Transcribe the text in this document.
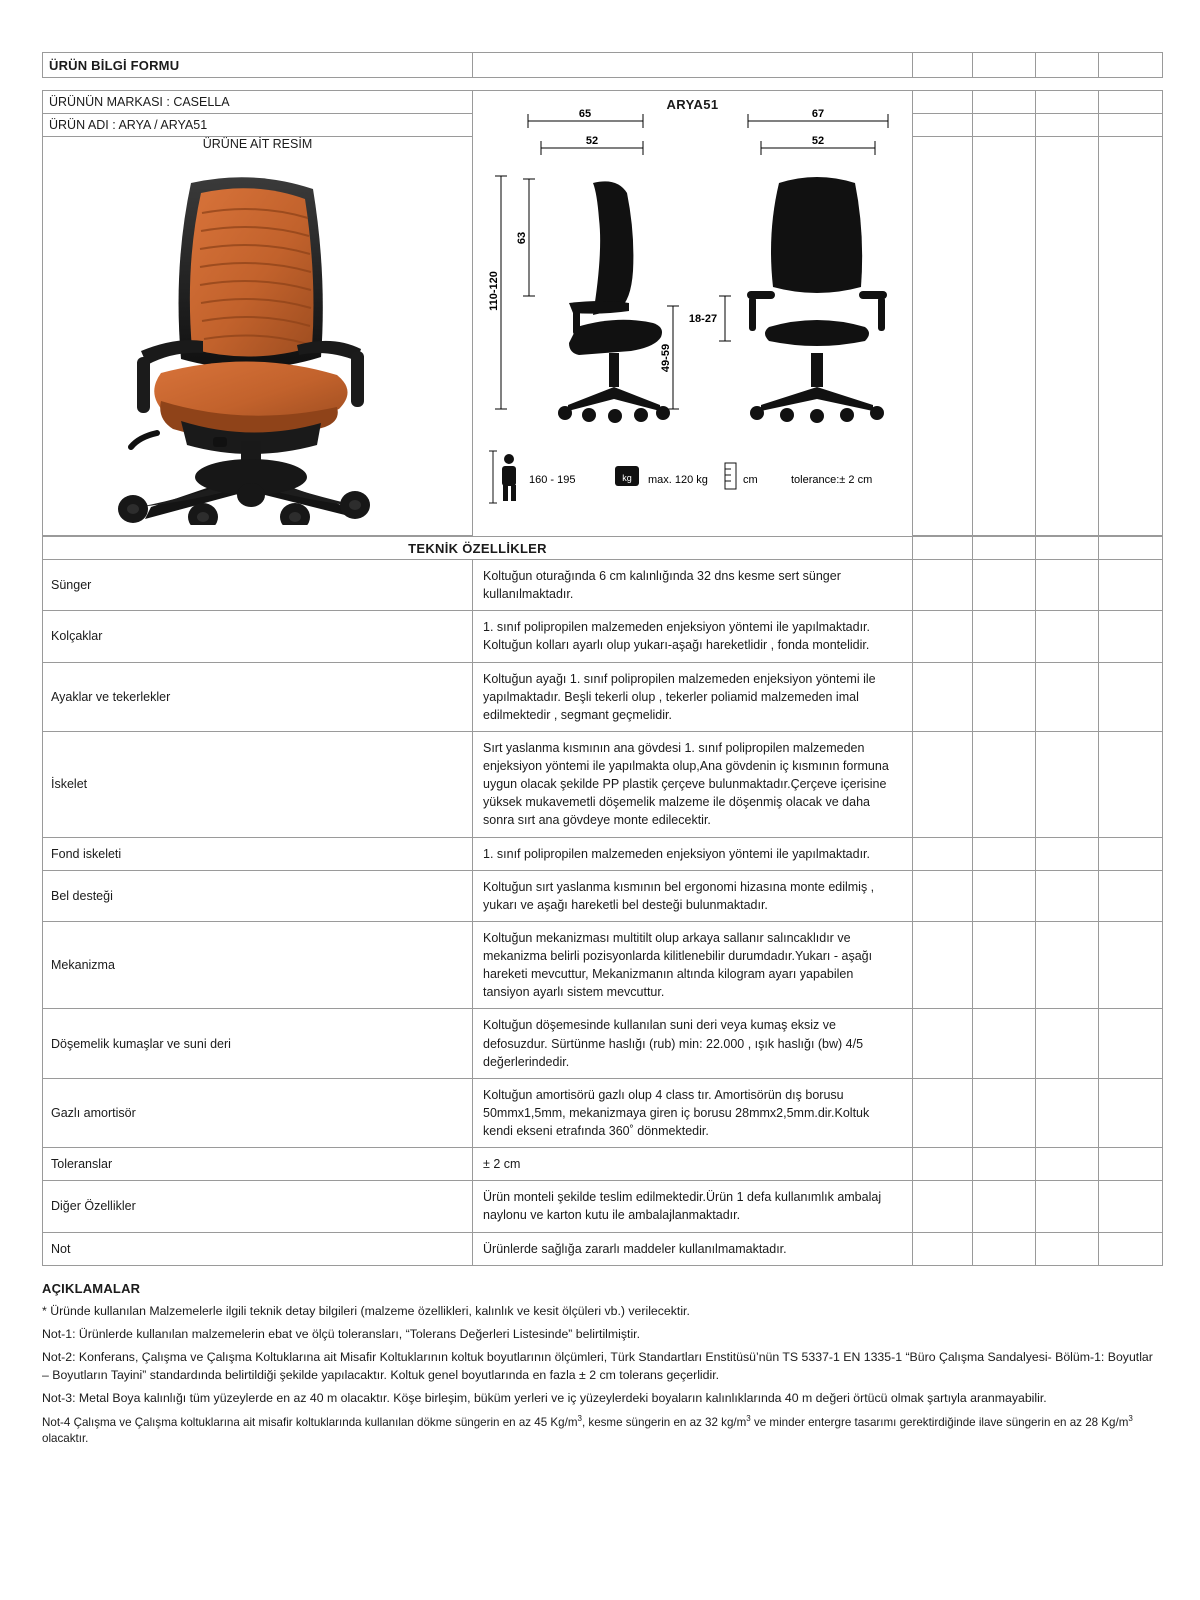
ÜRÜN BİLGİ FORMU					

ÜRÜNÜN MARKASI : CASELLA	ARYA51
65
52
110-120
63
49-59
67
52
18-27
160 - 195	kg max. 120 kg	cm	tolerance:± 2 cm

ÜRÜN ADI : ARYA / ARYA51					

ÜRÜNE AİT RESİM					

TEKNİK ÖZELLİKLER					
Sünger	Koltuğun oturağında 6 cm kalınlığında 32 dns kesme sert sünger kullanılmaktadır.				
Kolçaklar	1. sınıf polipropilen malzemeden enjeksiyon yöntemi ile yapılmaktadır. Koltuğun kolları ayarlı olup yukarı-aşağı hareketlidir , fonda montelidir.				
Ayaklar ve tekerlekler	Koltuğun ayağı 1. sınıf polipropilen malzemeden enjeksiyon yöntemi ile yapılmaktadır. Beşli tekerli olup , tekerler poliamid malzemeden imal edilmektedir , segmant geçmelidir.				
İskelet	Sırt yaslanma kısmının ana gövdesi 1. sınıf polipropilen malzemeden enjeksiyon yöntemi ile yapılmakta olup,Ana gövdenin iç kısmının formuna uygun olacak şekilde PP plastik çerçeve bulunmaktadır.Çerçeve içerisine yüksek mukavemetli döşemelik malzeme ile döşenmiş olacak ve daha sonra sırt ana gövdeye monte edilecektir.				
Fond iskeleti	1. sınıf polipropilen malzemeden enjeksiyon yöntemi ile yapılmaktadır.				
Bel desteği	Koltuğun sırt yaslanma kısmının bel ergonomi hizasına monte edilmiş , yukarı ve aşağı hareketli bel desteği bulunmaktadır.				
Mekanizma	Koltuğun mekanizması multitilt olup arkaya sallanır salıncaklıdır ve mekanizma belirli pozisyonlarda kilitlenebilir durumdadır.Yukarı - aşağı hareketi mevcuttur, Mekanizmanın altında kilogram ayarı yapabilen tansiyon ayarlı sistem mevcuttur.				
Döşemelik kumaşlar ve suni deri	Koltuğun döşemesinde kullanılan suni deri veya kumaş eksiz ve defosuzdur. Sürtünme haslığı (rub) min: 22.000 , ışık haslığı (bw) 4/5 değerlerindedir.				
Gazlı amortisör	Koltuğun amortisörü gazlı olup 4 class tır. Amortisörün dış borusu 50mmx1,5mm, mekanizmaya giren iç borusu 28mmx2,5mm.dir.Koltuk kendi ekseni etrafında 360˚ dönmektedir.				
Toleranslar	± 2 cm				
Diğer Özellikler	Ürün monteli şekilde teslim edilmektedir.Ürün 1 defa kullanımlık ambalaj naylonu ve karton kutu ile ambalajlanmaktadır.				
Not	Ürünlerde sağlığa zararlı maddeler kullanılmamaktadır.				
AÇIKLAMALAR

* Üründe kullanılan Malzemelerle ilgili teknik detay bilgileri (malzeme özellikleri, kalınlık ve kesit ölçüleri vb.) verilecektir.

Not-1: Ürünlerde kullanılan malzemelerin ebat ve ölçü toleransları, “Tolerans Değerleri Listesinde” belirtilmiştir.

Not-2: Konferans, Çalışma ve Çalışma Koltuklarına ait Misafir Koltuklarının koltuk boyutlarının ölçümleri, Türk Standartları Enstitüsü’nün TS 5337-1 EN 1335-1 “Büro Çalışma Sandalyesi- Bölüm-1: Boyutlar – Boyutların Tayini” standardında belirtildiği şekilde yapılacaktır. Koltuk genel boyutlarında en fazla ± 2 cm tolerans geçerlidir.

Not-3: Metal Boya kalınlığı tüm yüzeylerde en az 40 m olacaktır. Köşe birleşim, büküm yerleri ve iç yüzeylerdeki boyaların kalınlıklarında 40 m değeri örtücü olmak şartıyla aranmayabilir.

Not-4 Çalışma ve Çalışma koltuklarına ait misafir koltuklarında kullanılan dökme süngerin en az 45 $Kg/m^3$, kesme süngerin en az 32 $kg/m^3$ ve minder entergre tasarımı gerektirdiğinde ilave süngerin en az 28 $Kg/m^3$ olacaktır.
